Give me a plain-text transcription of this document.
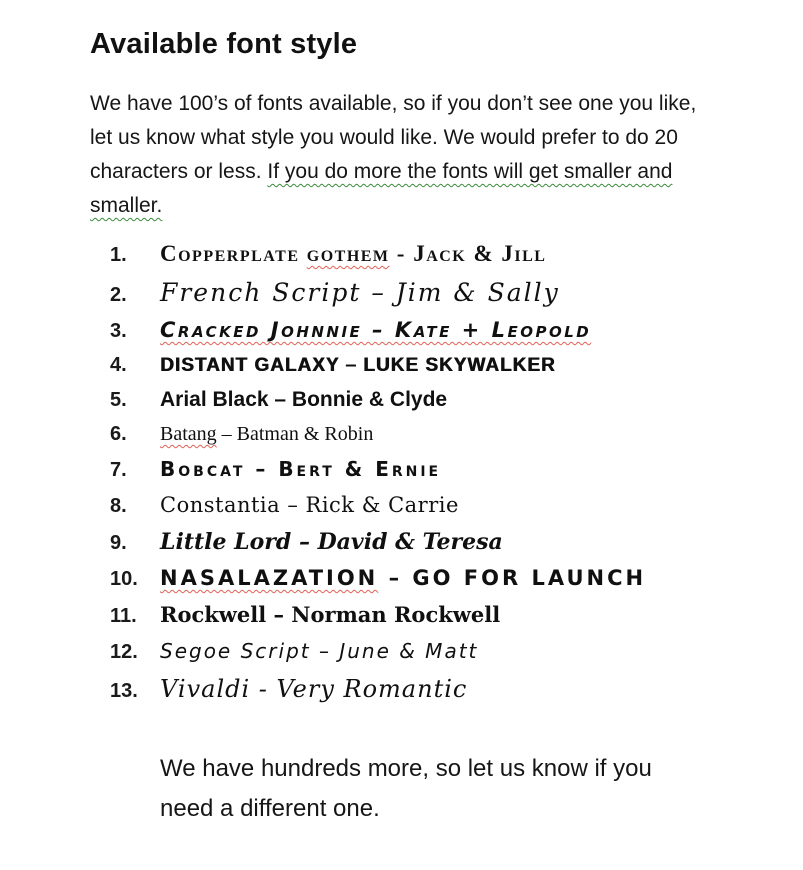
Available font style

We have 100’s of fonts available, so if you don’t see one you like, let us know what style you would like. We would prefer to do 20 characters or less. If you do more the fonts will get smaller and smaller.

1.	Copperplate gothem - Jack & Jill
2.	French Script – Jim & Sally
3.	Cracked Johnnie – Kate + Leopold
4.	DISTANT GALAXY – LUKE SKYWALKER
5.	Arial Black – Bonnie & Clyde
6.	Batang – Batman & Robin
7.	Bobcat – Bert & Ernie
8.	Constantia – Rick & Carrie
9.	Little Lord – David & Teresa
10.	NASALAZATION – GO FOR LAUNCH
11.	Rockwell – Norman Rockwell
12.	Segoe Script – June & Matt
13. Vivaldi - Very Romantic

We have hundreds more, so let us know if you need a different one.
